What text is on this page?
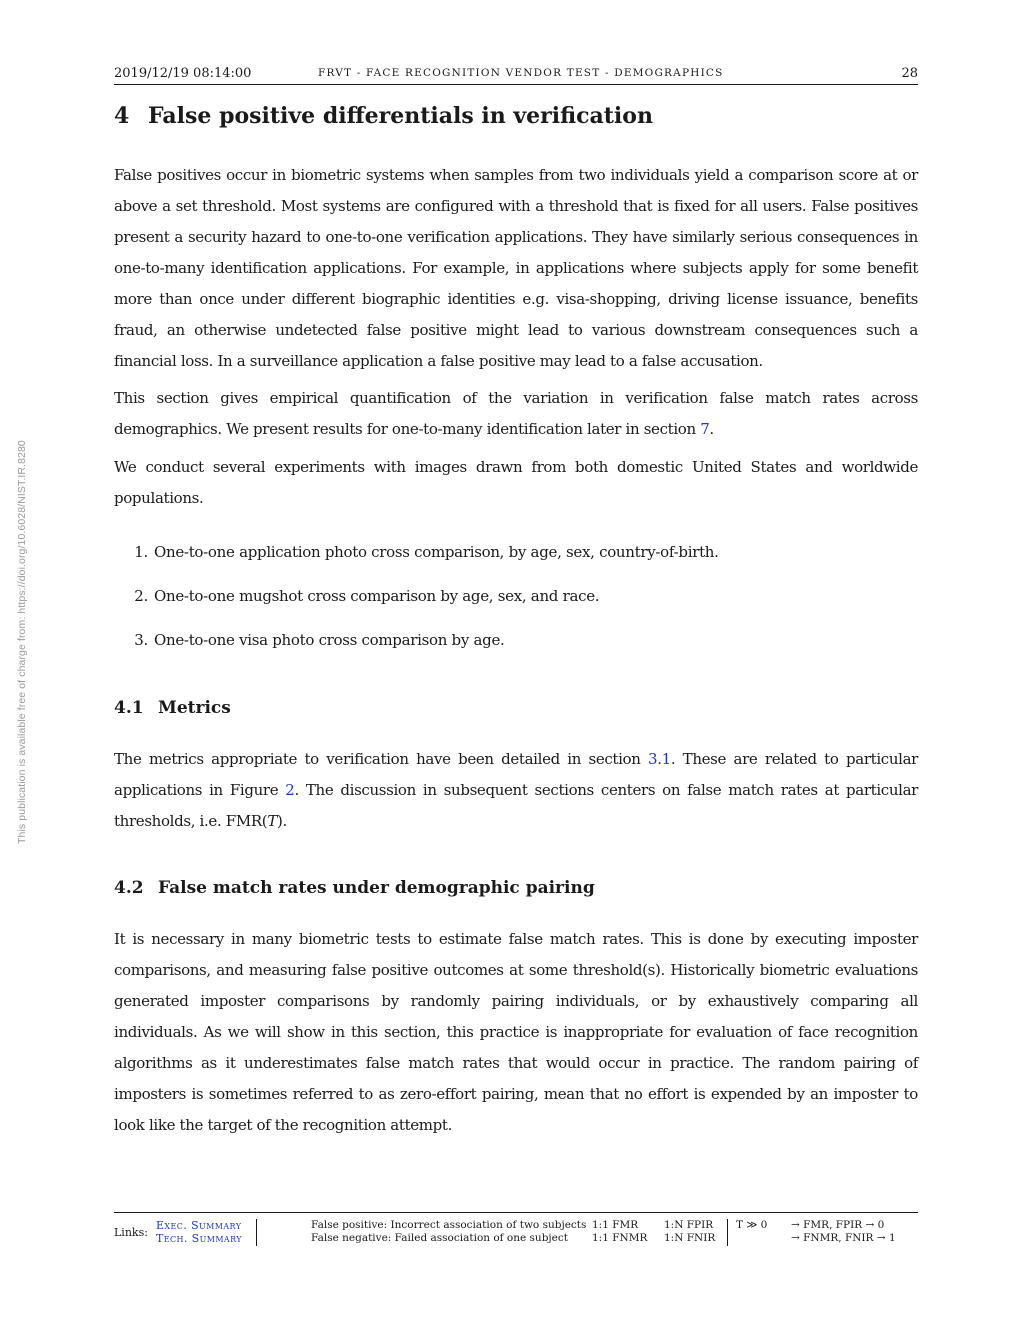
This publication is available free of charge from: https://doi.org/10.6028/NIST.IR.8280
2019/12/19 08:14:00	FRVT - FACE RECOGNITION VENDOR TEST - DEMOGRAPHICS	28
4 False positive differentials in verification

False positives occur in biometric systems when samples from two individuals yield a comparison score at or above a set threshold. Most systems are configured with a threshold that is fixed for all users. False positives present a security hazard to one-to-one verification applications. They have similarly serious consequences in one-to-many identification applications. For example, in applications where subjects apply for some benefit more than once under different biographic identities e.g. visa-shopping, driving license issuance, benefits fraud, an otherwise undetected false positive might lead to various downstream consequences such a financial loss. In a surveillance application a false positive may lead to a false accusation.

This section gives empirical quantification of the variation in verification false match rates across demographics. We present results for one-to-many identification later in section 7.

We conduct several experiments with images drawn from both domestic United States and worldwide populations.

1. One-to-one application photo cross comparison, by age, sex, country-of-birth.
2. One-to-one mugshot cross comparison by age, sex, and race.
3. One-to-one visa photo cross comparison by age.
4.1 Metrics

The metrics appropriate to verification have been detailed in section 3.1. These are related to particular applications in Figure 2. The discussion in subsequent sections centers on false match rates at particular thresholds, i.e. FMR(T).

4.2 False match rates under demographic pairing

It is necessary in many biometric tests to estimate false match rates. This is done by executing imposter comparisons, and measuring false positive outcomes at some threshold(s). Historically biometric evaluations generated imposter comparisons by randomly pairing individuals, or by exhaustively comparing all individuals. As we will show in this section, this practice is inappropriate for evaluation of face recognition algorithms as it underestimates false match rates that would occur in practice. The random pairing of imposters is sometimes referred to as zero-effort pairing, mean that no effort is expended by an imposter to look like the target of the recognition attempt.

Links:
Exec. Summary
Tech. Summary
False positive: Incorrect association of two subjects
False negative: Failed association of one subject
1:1 FMR
1:1 FNMR
1:N FPIR
1:N FNIR
T ≫ 0 → FMR, FPIR → 0
→ FNMR, FNIR → 1
